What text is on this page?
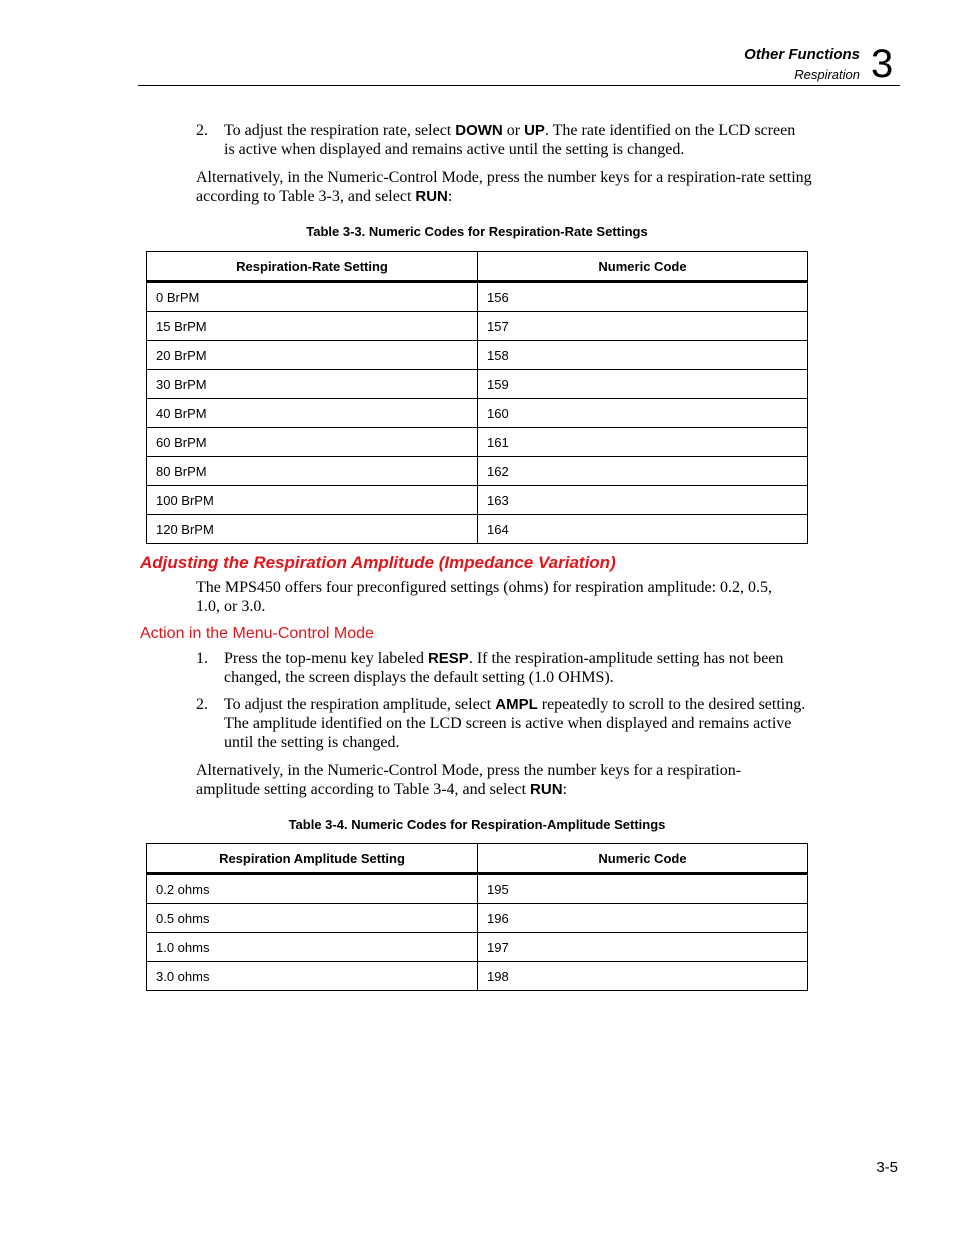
Other Functions
Respiration 3
2. To adjust the respiration rate, select DOWN or UP. The rate identified on the LCD screen is active when displayed and remains active until the setting is changed.
Alternatively, in the Numeric-Control Mode, press the number keys for a respiration-rate setting according to Table 3-3, and select RUN:
Table 3-3. Numeric Codes for Respiration-Rate Settings
Respiration-Rate Setting	Numeric Code
0 BrPM	156
15 BrPM	157
20 BrPM	158
30 BrPM	159
40 BrPM	160
60 BrPM	161
80 BrPM	162
100 BrPM	163
120 BrPM	164
Adjusting the Respiration Amplitude (Impedance Variation)
The MPS450 offers four preconfigured settings (ohms) for respiration amplitude: 0.2, 0.5, 1.0, or 3.0.
Action in the Menu-Control Mode
1. Press the top-menu key labeled RESP. If the respiration-amplitude setting has not been changed, the screen displays the default setting (1.0 OHMS).
2. To adjust the respiration amplitude, select AMPL repeatedly to scroll to the desired setting. The amplitude identified on the LCD screen is active when displayed and remains active until the setting is changed.
Alternatively, in the Numeric-Control Mode, press the number keys for a respiration-amplitude setting according to Table 3-4, and select RUN:
Table 3-4. Numeric Codes for Respiration-Amplitude Settings
Respiration Amplitude Setting	Numeric Code
0.2 ohms	195
0.5 ohms	196
1.0 ohms	197
3.0 ohms	198
3-5
